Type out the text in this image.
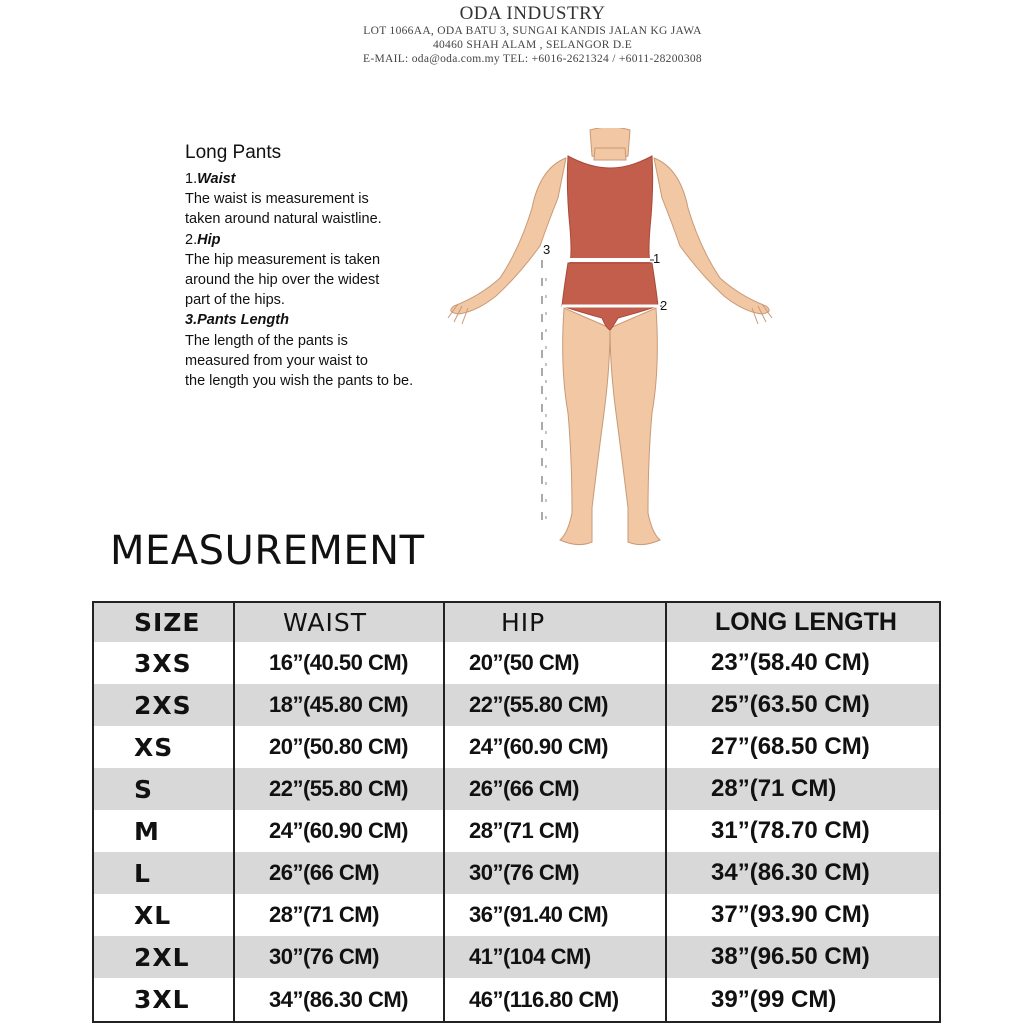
ODA INDUSTRY
LOT 1066AA, ODA BATU 3, SUNGAI KANDIS JALAN KG JAWA
40460 SHAH ALAM , SELANGOR D.E
E-MAIL: oda@oda.com.my TEL: +6016-2621324 / +6011-28200308
Long Pants
1.Waist
The waist is measurement is
taken around natural waistline.
2.Hip
The hip measurement is taken
around the hip over the widest
part of the hips.
3.Pants Length
The length of the pants is
measured from your waist to
the length you wish the pants to be.
3
1
2
MEASUREMENT
SIZE	WAIST	HIP	LONG LENGTH
3XS	16”(40.50 CM)	20”(50 CM)	23”(58.40 CM)
2XS	18”(45.80 CM)	22”(55.80 CM)	25”(63.50 CM)
XS	20”(50.80 CM)	24”(60.90 CM)	27”(68.50 CM)
S	22”(55.80 CM)	26”(66 CM)	28”(71 CM)
M	24”(60.90 CM)	28”(71 CM)	31”(78.70 CM)
L	26”(66 CM)	30”(76 CM)	34”(86.30 CM)
XL	28”(71 CM)	36”(91.40 CM)	37”(93.90 CM)
2XL	30”(76 CM)	41”(104 CM)	38”(96.50 CM)
3XL	34”(86.30 CM)	46”(116.80 CM)	39”(99 CM)
